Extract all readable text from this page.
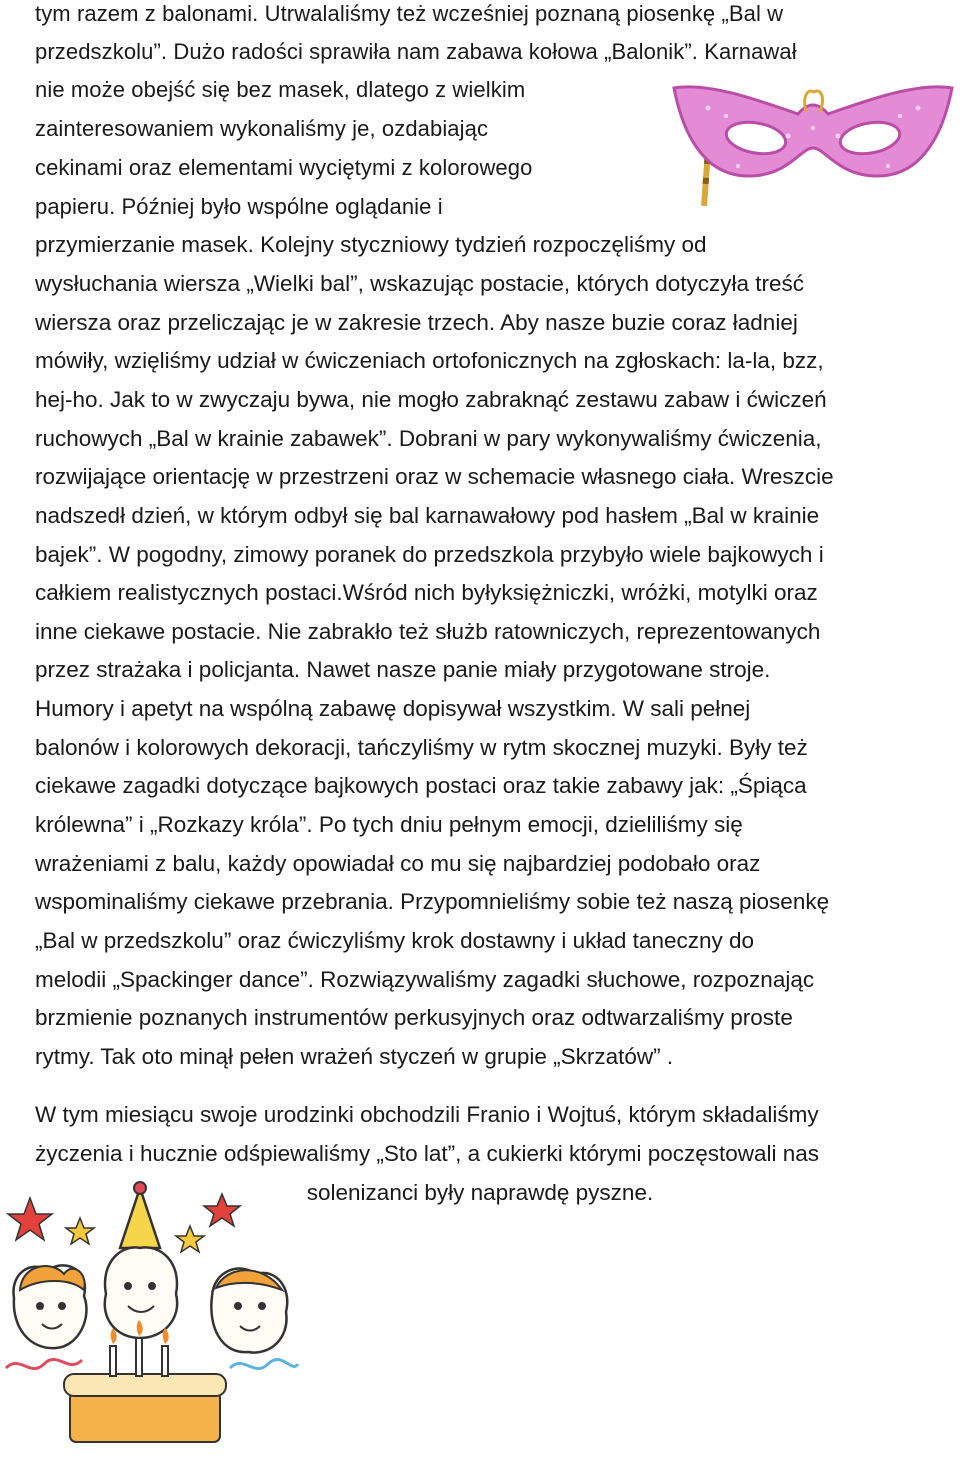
tym razem z balonami. Utrwalaliśmy też wcześniej poznaną piosenkę „Bal w
przedszkolu”. Dużo radości sprawiła nam zabawa kołowa „Balonik”. Karnawał
nie może obejść się bez masek, dlatego z wielkim
zainteresowaniem wykonaliśmy je, ozdabiając
cekinami oraz elementami wyciętymi z kolorowego
papieru. Później było wspólne oglądanie i
przymierzanie masek. Kolejny styczniowy tydzień rozpoczęliśmy od
wysłuchania wiersza „Wielki bal”, wskazując postacie, których dotyczyła treść
wiersza oraz przeliczając je w zakresie trzech. Aby nasze buzie coraz ładniej
mówiły, wzięliśmy udział w ćwiczeniach ortofonicznych na zgłoskach: la-la, bzz,
hej-ho. Jak to w zwyczaju bywa, nie mogło zabraknąć zestawu zabaw i ćwiczeń
ruchowych „Bal w krainie zabawek”. Dobrani w pary wykonywaliśmy ćwiczenia,
rozwijające orientację w przestrzeni oraz w schemacie własnego ciała. Wreszcie
nadszedł dzień, w którym odbył się bal karnawałowy pod hasłem „Bal w krainie
bajek”. W pogodny, zimowy poranek do przedszkola przybyło wiele bajkowych i
całkiem realistycznych postaci.Wśród nich byłyksiężniczki, wróżki, motylki oraz
inne ciekawe postacie. Nie zabrakło też służb ratowniczych, reprezentowanych
przez strażaka i policjanta. Nawet nasze panie miały przygotowane stroje.
Humory i apetyt na wspólną zabawę dopisywał wszystkim. W sali pełnej
balonów i kolorowych dekoracji, tańczyliśmy w rytm skocznej muzyki. Były też
ciekawe zagadki dotyczące bajkowych postaci oraz takie zabawy jak: „Śpiąca
królewna” i „Rozkazy króla”. Po tych dniu pełnym emocji, dzieliliśmy się
wrażeniami z balu, każdy opowiadał co mu się najbardziej podobało oraz
wspominaliśmy ciekawe przebrania. Przypomnieliśmy sobie też naszą piosenkę
„Bal w przedszkolu” oraz ćwiczyliśmy krok dostawny i układ taneczny do
melodii „Spackinger dance”. Rozwiązywaliśmy zagadki słuchowe, rozpoznając
brzmienie poznanych instrumentów perkusyjnych oraz odtwarzaliśmy proste
rytmy. Tak oto minął pełen wrażeń styczeń w grupie „Skrzatów” .
W tym miesiącu swoje urodzinki obchodzili Franio i Wojtuś, którym składaliśmy
życzenia i hucznie odśpiewaliśmy „Sto lat”, a cukierki którymi poczęstowali nas
solenizanci były naprawdę pyszne.
